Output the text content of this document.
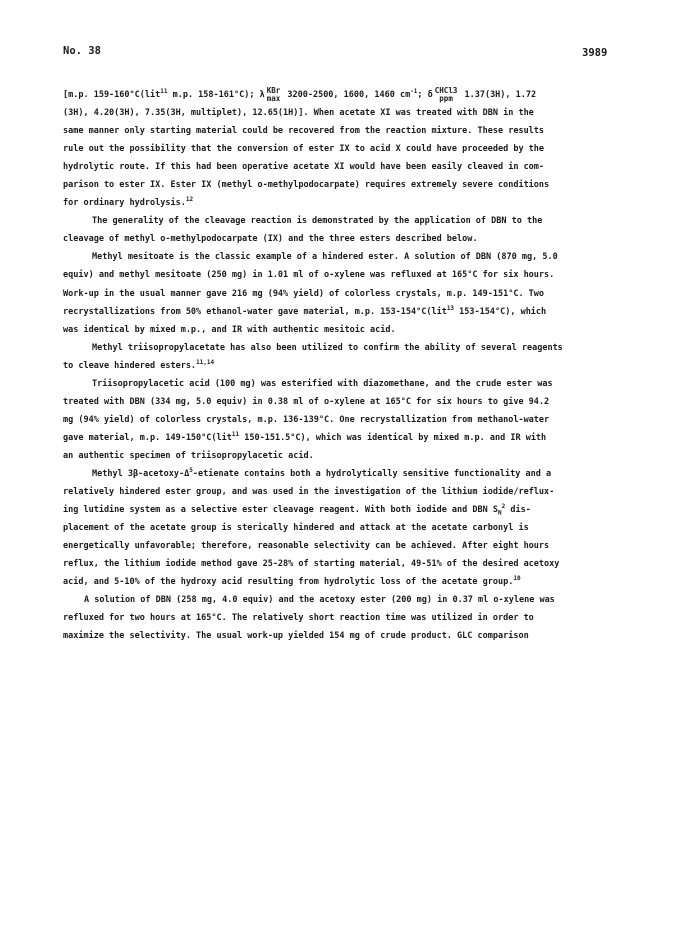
No. 38	3989
[m.p. 159-160°C(lit$^{11}$ m.p. 158-161°C); λ KBr
max 3200-2500, 1600, 1460 $cm^{-1}$; δ CHCl3
ppm 1.37(3H), 1.72
(3H), 4.20(3H), 7.35(3H, multiplet), 12.65(1H)]. When acetate XI was treated with DBN in the
same manner only starting material could be recovered from the reaction mixture. These results
rule out the possibility that the conversion of ester IX to acid X could have proceeded by the
hydrolytic route. If this had been operative acetate XI would have been easily cleaved in com-
parison to ester IX. Ester IX (methyl o-methylpodocarpate) requires extremely severe conditions
for ordinary hydrolysis.$^{12}$
The generality of the cleavage reaction is demonstrated by the application of DBN to the
cleavage of methyl o-methylpodocarpate (IX) and the three esters described below.
Methyl mesitoate is the classic example of a hindered ester. A solution of DBN (870 mg, 5.0
equiv) and methyl mesitoate (250 mg) in 1.01 ml of o-xylene was refluxed at 165°C for six hours.
Work-up in the usual manner gave 216 mg (94% yield) of colorless crystals, m.p. 149-151°C. Two
recrystallizations from 50% ethanol-water gave material, m.p. 153-154°C(lit$^{13}$ 153-154°C), which
was identical by mixed m.p., and IR with authentic mesitoic acid.
Methyl triisopropylacetate has also been utilized to confirm the ability of several reagents
to cleave hindered esters.$^{11,14}$
Triisopropylacetic acid (100 mg) was esterified with diazomethane, and the crude ester was
treated with DBN (334 mg, 5.0 equiv) in 0.38 ml of o-xylene at 165°C for six hours to give 94.2
mg (94% yield) of colorless crystals, m.p. 136-139°C. One recrystallization from methanol-water
gave material, m.p. 149-150°C(lit$^{11}$ 150-151.5°C), which was identical by mixed m.p. and IR with
an authentic specimen of triisopropylacetic acid.
Methyl $3\beta-acetoxy-\Delta^5$-etienate contains both a hydrolytically sensitive functionality and a
relatively hindered ester group, and was used in the investigation of the lithium iodide/reflux-
ing lutidine system as a selective ester cleavage reagent. With both iodide and DBN $S_N^2$ dis-
placement of the acetate group is sterically hindered and attack at the acetate carbonyl is
energetically unfavorable; therefore, reasonable selectivity can be achieved. After eight hours
reflux, the lithium iodide method gave 25-28% of starting material, 49-51% of the desired acetoxy
acid, and 5-10% of the hydroxy acid resulting from hydrolytic loss of the acetate group.$^{10}$
A solution of DBN (258 mg, 4.0 equiv) and the acetoxy ester (200 mg) in 0.37 ml o-xylene was
refluxed for two hours at 165°C. The relatively short reaction time was utilized in order to
maximize the selectivity. The usual work-up yielded 154 mg of crude product. GLC comparison
